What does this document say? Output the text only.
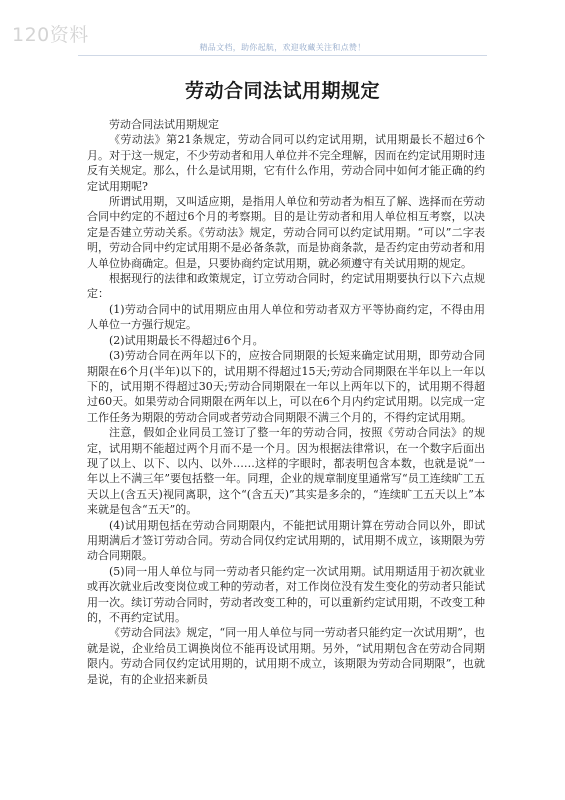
120资料
精品文档，助你起航，欢迎收藏关注和点赞！
劳动合同法试用期规定

劳动合同法试用期规定

《劳动法》第21条规定，劳动合同可以约定试用期，试用期最长不超过6个月。对于这一规定，不少劳动者和用人单位并不完全理解，因而在约定试用期时违反有关规定。那么，什么是试用期，它有什么作用，劳动合同中如何才能正确的约定试用期呢?

所谓试用期，又叫适应期，是指用人单位和劳动者为相互了解、选择而在劳动合同中约定的不超过6个月的考察期。目的是让劳动者和用人单位相互考察，以决定是否建立劳动关系。《劳动法》规定，劳动合同可以约定试用期。“可以”二字表明，劳动合同中约定试用期不是必备条款，而是协商条款，是否约定由劳动者和用人单位协商确定。但是，只要协商约定试用期，就必须遵守有关试用期的规定。

根据现行的法律和政策规定，订立劳动合同时，约定试用期要执行以下六点规定：

(1)劳动合同中的试用期应由用人单位和劳动者双方平等协商约定，不得由用人单位一方强行规定。

(2)试用期最长不得超过6个月。

(3)劳动合同在两年以下的，应按合同期限的长短来确定试用期，即劳动合同期限在6个月(半年)以下的，试用期不得超过15天;劳动合同期限在半年以上一年以下的，试用期不得超过30天;劳动合同期限在一年以上两年以下的，试用期不得超过60天。如果劳动合同期限在两年以上，可以在6个月内约定试用期。以完成一定工作任务为期限的劳动合同或者劳动合同期限不满三个月的，不得约定试用期。

注意，假如企业同员工签订了整一年的劳动合同，按照《劳动合同法》的规定，试用期不能超过两个月而不是一个月。因为根据法律常识，在一个数字后面出现了以上、以下、以内、以外……这样的字眼时，都表明包含本数，也就是说“一年以上不满三年”要包括整一年。同理，企业的规章制度里通常写“员工连续旷工五天以上(含五天)视同离职，这个“(含五天)”其实是多余的，“连续旷工五天以上”本来就是包含“五天”的。

(4)试用期包括在劳动合同期限内，不能把试用期计算在劳动合同以外，即试用期满后才签订劳动合同。劳动合同仅约定试用期的，试用期不成立，该期限为劳动合同期限。

(5)同一用人单位与同一劳动者只能约定一次试用期。试用期适用于初次就业或再次就业后改变岗位或工种的劳动者，对工作岗位没有发生变化的劳动者只能试用一次。续订劳动合同时，劳动者改变工种的，可以重新约定试用期，不改变工种的，不再约定试用。

《劳动合同法》规定，“同一用人单位与同一劳动者只能约定一次试用期”，也就是说，企业给员工调换岗位不能再设试用期。另外，“试用期包含在劳动合同期限内。劳动合同仅约定试用期的，试用期不成立，该期限为劳动合同期限”，也就是说，有的企业招来新员
